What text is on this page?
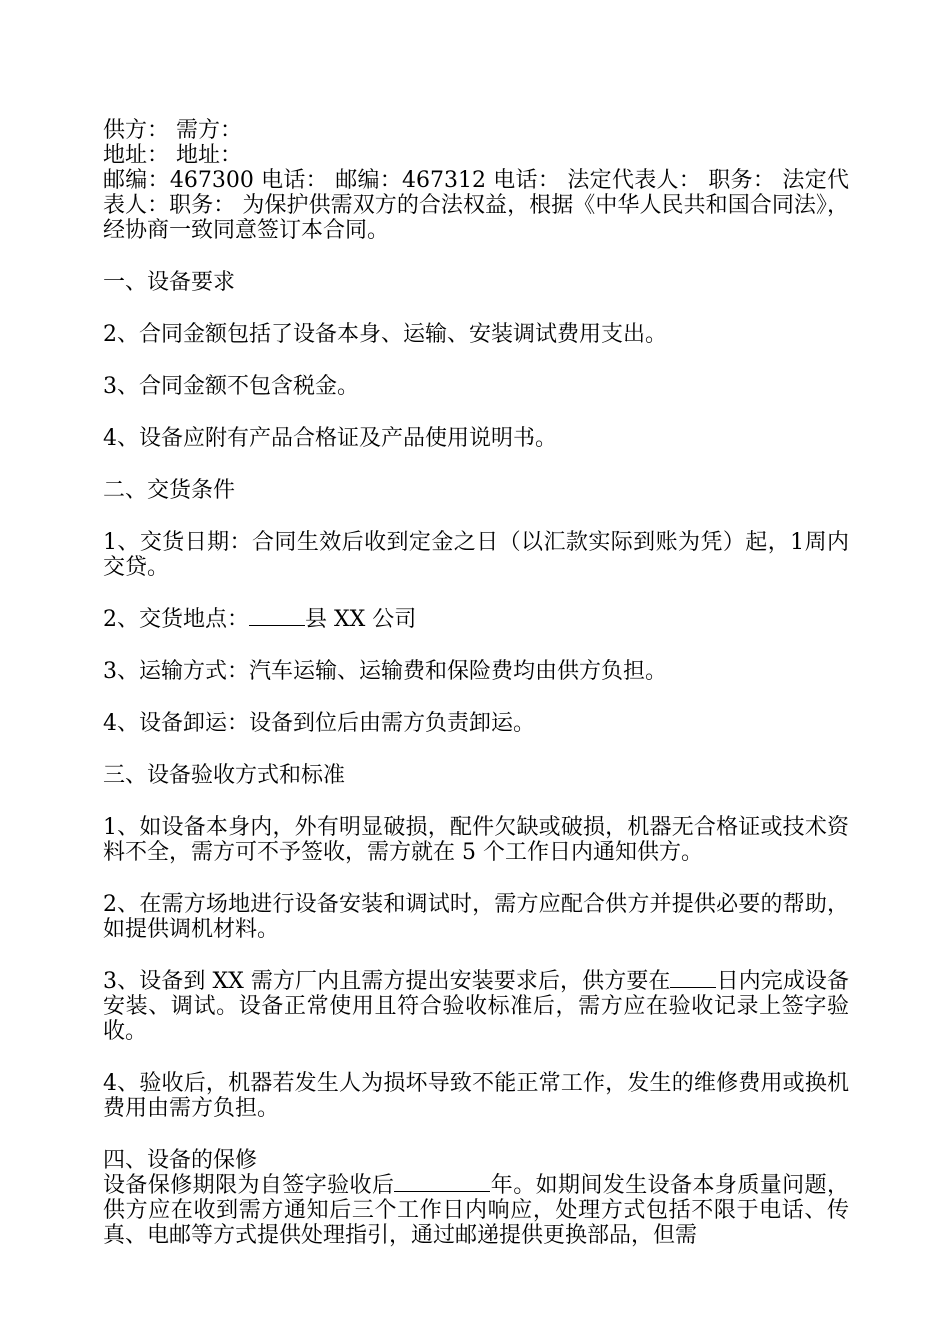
供方： 需方：
地址： 地址：

邮编：467300 电话： 邮编：467312 电话： 法定代表人： 职务： 法定代表人：职务： 为保护供需双方的合法权益，根据《中华人民共和国合同法》，经协商一致同意签订本合同。

一、设备要求

2、合同金额包括了设备本身、运输、安装调试费用支出。

3、合同金额不包含税金。

4、设备应附有产品合格证及产品使用说明书。

二、交货条件

1、交货日期：合同生效后收到定金之日（以汇款实际到账为凭）起，1周内交贷。

2、交货地点：	县 XX 公司

3、运输方式：汽车运输、运输费和保险费均由供方负担。

4、设备卸运：设备到位后由需方负责卸运。

三、设备验收方式和标准

1、如设备本身内，外有明显破损，配件欠缺或破损，机器无合格证或技术资料不全，需方可不予签收，需方就在 5 个工作日内通知供方。

2、在需方场地进行设备安装和调试时，需方应配合供方并提供必要的帮助，如提供调机材料。

3、设备到 XX 需方厂内且需方提出安装要求后，供方要在 日内完成设备安装、调试。设备正常使用且符合验收标准后，需方应在验收记录上签字验收。

4、验收后，机器若发生人为损坏导致不能正常工作，发生的维修费用或换机费用由需方负担。

四、设备的保修

设备保修期限为自签字验收后	年。如期间发生设备本身质量问题，供方应在收到需方通知后三个工作日内响应，处理方式包括不限于电话、传真、电邮等方式提供处理指引，通过邮递提供更换部品，但需
